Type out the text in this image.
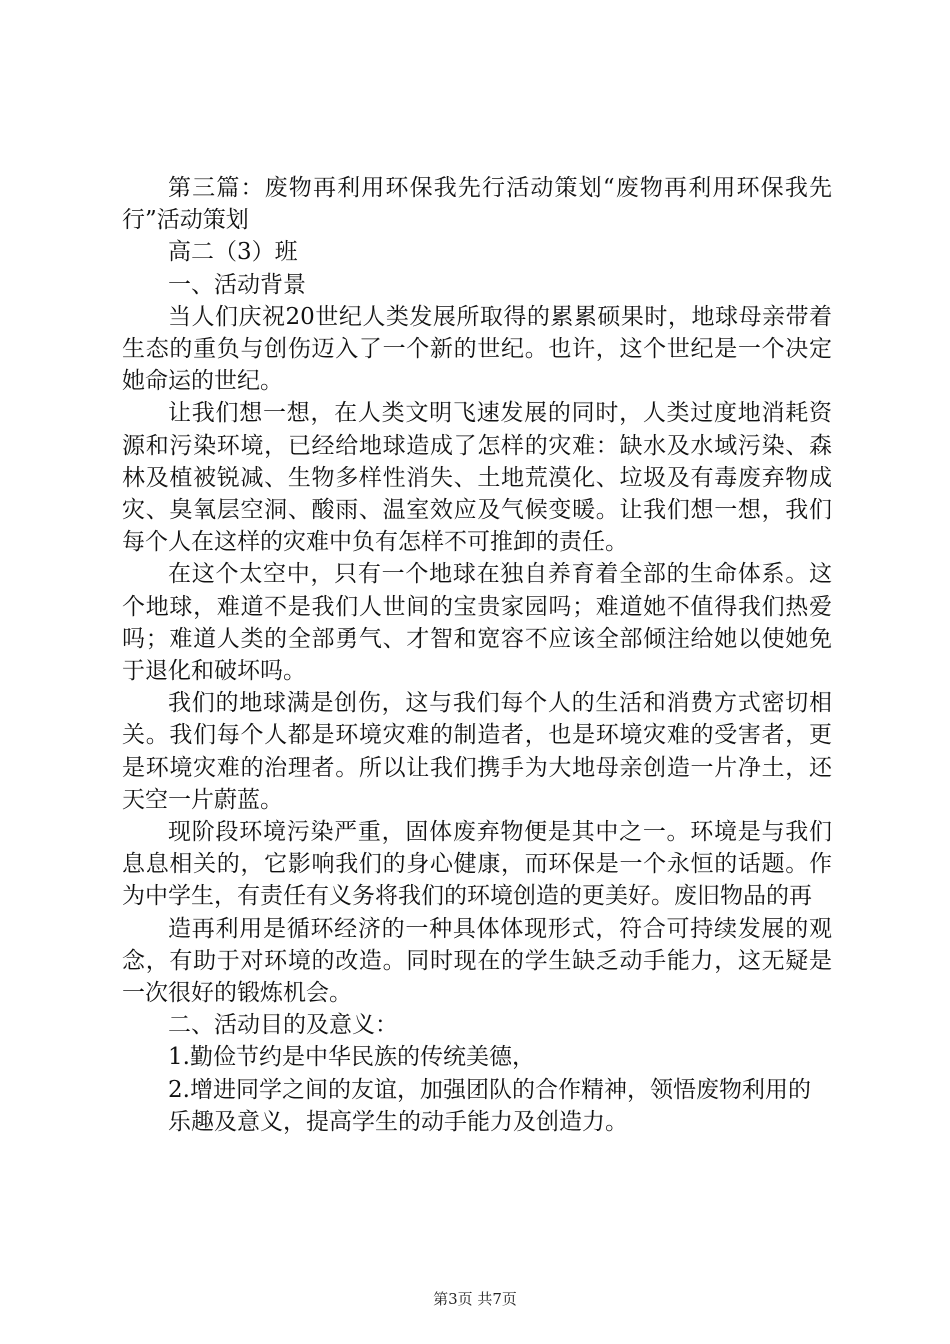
第三篇：废物再利用环保我先行活动策划“废物再利用环保我先行”活动策划

高二（3）班

一、活动背景

当人们庆祝20世纪人类发展所取得的累累硕果时，地球母亲带着生态的重负与创伤迈入了一个新的世纪。也许，这个世纪是一个决定她命运的世纪。

让我们想一想，在人类文明飞速发展的同时，人类过度地消耗资源和污染环境，已经给地球造成了怎样的灾难：缺水及水域污染、森林及植被锐减、生物多样性消失、土地荒漠化、垃圾及有毒废弃物成灾、臭氧层空洞、酸雨、温室效应及气候变暖。让我们想一想，我们每个人在这样的灾难中负有怎样不可推卸的责任。

在这个太空中，只有一个地球在独自养育着全部的生命体系。这个地球，难道不是我们人世间的宝贵家园吗；难道她不值得我们热爱吗；难道人类的全部勇气、才智和宽容不应该全部倾注给她以使她免于退化和破坏吗。

我们的地球满是创伤，这与我们每个人的生活和消费方式密切相关。我们每个人都是环境灾难的制造者，也是环境灾难的受害者，更是环境灾难的治理者。所以让我们携手为大地母亲创造一片净土，还天空一片蔚蓝。

现阶段环境污染严重，固体废弃物便是其中之一。环境是与我们息息相关的，它影响我们的身心健康，而环保是一个永恒的话题。作为中学生，有责任有义务将我们的环境创造的更美好。废旧物品的再

造再利用是循环经济的一种具体体现形式，符合可持续发展的观念，有助于对环境的改造。同时现在的学生缺乏动手能力，这无疑是一次很好的锻炼机会。

二、活动目的及意义：

1.勤俭节约是中华民族的传统美德，

2.增进同学之间的友谊，加强团队的合作精神，领悟废物利用的

乐趣及意义，提高学生的动手能力及创造力。

第3页 共7页
